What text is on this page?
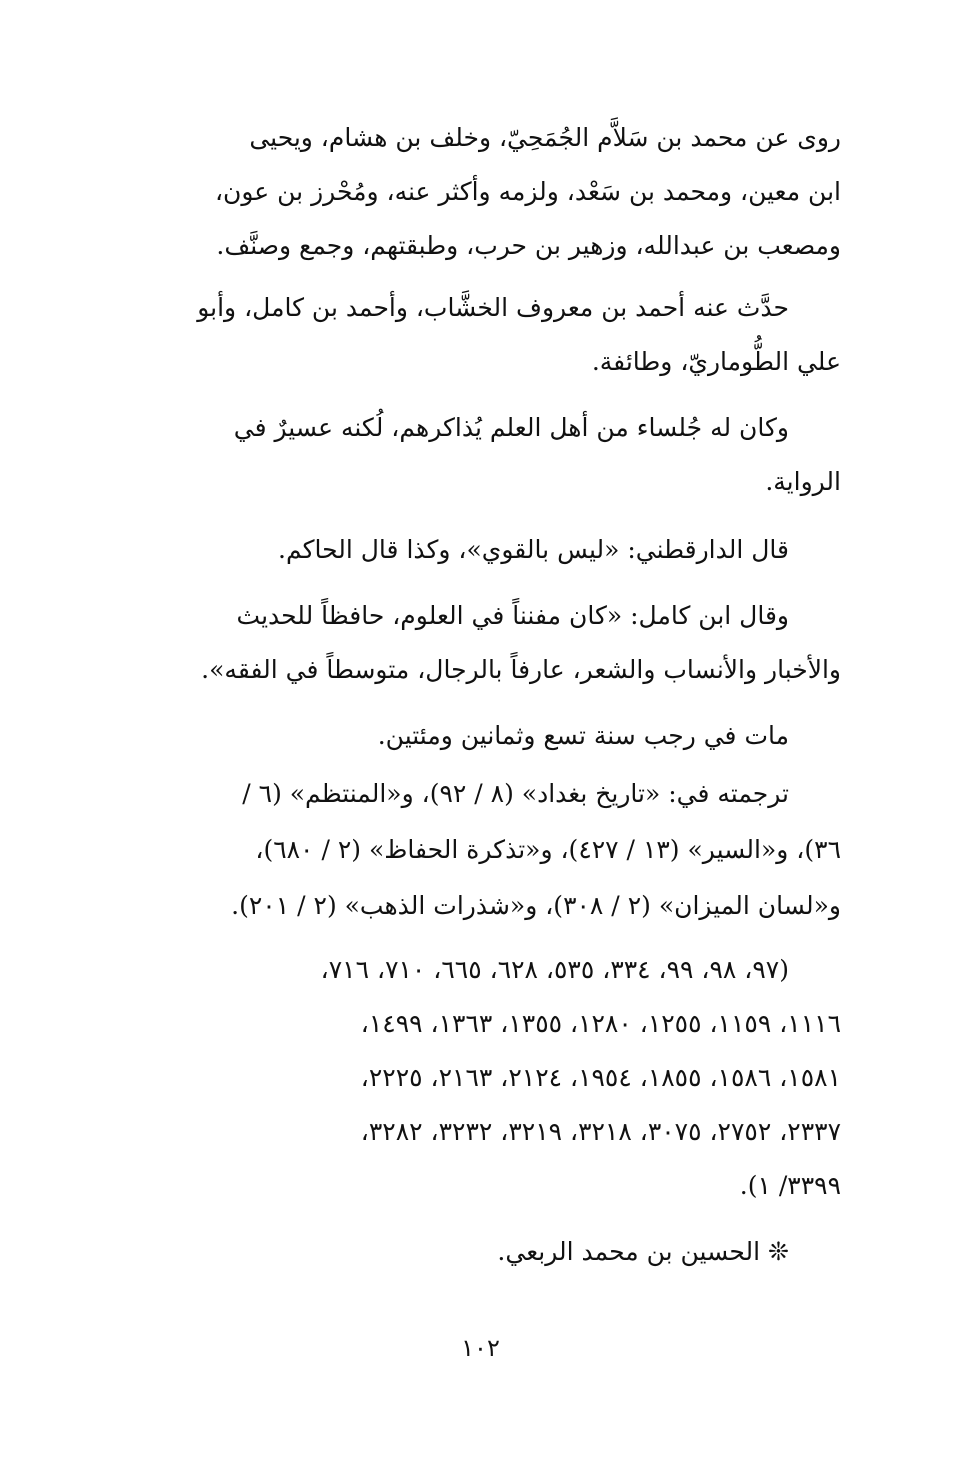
روى عن محمد بن سَلاَّم الجُمَحِيّ، وخلف بن هشام، ويحيى
ابن معين، ومحمد بن سَعْد، ولزمه وأكثر عنه، ومُحْرز بن عون،
ومصعب بن عبدالله، وزهير بن حرب، وطبقتهم، وجمع وصنَّف.
حدَّث عنه أحمد بن معروف الخشَّاب، وأحمد بن كامل، وأبو
علي الطُّوماريّ، وطائفة.
وكان له جُلساء من أهل العلم يُذاكرهم، لُكنه عسيرٌ في
الرواية.
قال الدارقطني: «ليس بالقوي»، وكذا قال الحاكم.
وقال ابن كامل: «كان مفنناً في العلوم، حافظاً للحديث
والأخبار والأنساب والشعر، عارفاً بالرجال، متوسطاً في الفقه».
مات في رجب سنة تسع وثمانين ومئتين.
ترجمته في: «تاريخ بغداد» (٨ / ٩٢)، و«المنتظم» (٦ /
٣٦)، و«السير» (١٣ / ٤٢٧)، و«تذكرة الحفاظ» (٢ / ٦٨٠)،
و«لسان الميزان» (٢ / ٣٠٨)، و«شذرات الذهب» (٢ / ٢٠١).
(٩٧، ٩٨، ٩٩، ٣٣٤، ٥٣٥، ٦٢٨، ٦٦٥، ٧١٠، ٧١٦،
١١١٦، ١١٥٩، ١٢٥٥، ١٢٨٠، ١٣٥٥، ١٣٦٣، ١٤٩٩،
١٥٨١، ١٥٨٦، ١٨٥٥، ١٩٥٤، ٢١٢٤، ٢١٦٣، ٢٢٢٥،
٢٣٣٧، ٢٧٥٢، ٣٠٧٥، ٣٢١٨، ٣٢١٩، ٣٢٣٢، ٣٢٨٢،
٣٣٩٩/ ١).
❊ الحسين بن محمد الربعي.
١٠٢
